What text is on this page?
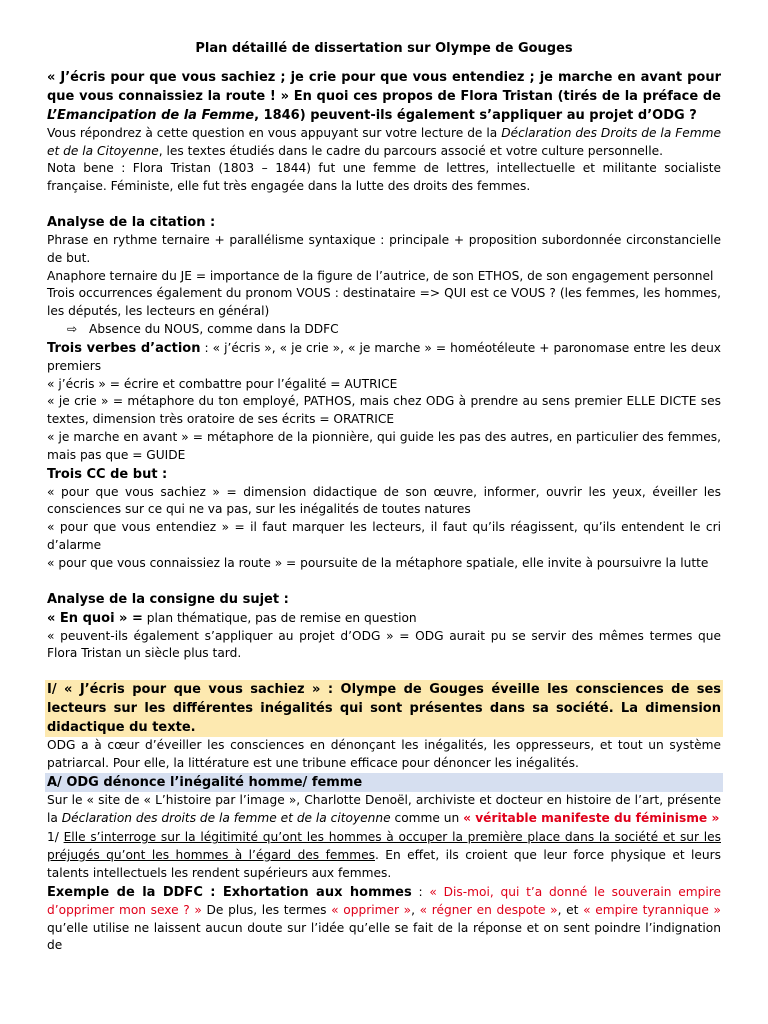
Plan détaillé de dissertation sur Olympe de Gouges

« J’écris pour que vous sachiez ; je crie pour que vous entendiez ; je marche en avant pour que vous connaissiez la route ! » En quoi ces propos de Flora Tristan (tirés de la préface de L’Emancipation de la Femme, 1846) peuvent-ils également s’appliquer au projet d’ODG ?

Vous répondrez à cette question en vous appuyant sur votre lecture de la Déclaration des Droits de la Femme et de la Citoyenne, les textes étudiés dans le cadre du parcours associé et votre culture personnelle.

Nota bene : Flora Tristan (1803 – 1844) fut une femme de lettres, intellectuelle et militante socialiste française. Féministe, elle fut très engagée dans la lutte des droits des femmes.

Analyse de la citation :

Phrase en rythme ternaire + parallélisme syntaxique : principale + proposition subordonnée circonstancielle de but.

Anaphore ternaire du JE = importance de la figure de l’autrice, de son ETHOS, de son engagement personnel

Trois occurrences également du pronom VOUS : destinataire => QUI est ce VOUS ? (les femmes, les hommes, les députés, les lecteurs en général)

⇨ Absence du NOUS, comme dans la DDFC

Trois verbes d’action : « j’écris », « je crie », « je marche » = homéotéleute + paronomase entre les deux premiers

« j’écris » = écrire et combattre pour l’égalité = AUTRICE

« je crie » = métaphore du ton employé, PATHOS, mais chez ODG à prendre au sens premier ELLE DICTE ses textes, dimension très oratoire de ses écrits = ORATRICE

« je marche en avant » = métaphore de la pionnière, qui guide les pas des autres, en particulier des femmes, mais pas que = GUIDE

Trois CC de but :

« pour que vous sachiez » = dimension didactique de son œuvre, informer, ouvrir les yeux, éveiller les consciences sur ce qui ne va pas, sur les inégalités de toutes natures

« pour que vous entendiez » = il faut marquer les lecteurs, il faut qu’ils réagissent, qu’ils entendent le cri d’alarme

« pour que vous connaissiez la route » = poursuite de la métaphore spatiale, elle invite à poursuivre la lutte

Analyse de la consigne du sujet :

« En quoi » = plan thématique, pas de remise en question

« peuvent-ils également s’appliquer au projet d’ODG » = ODG aurait pu se servir des mêmes termes que Flora Tristan un siècle plus tard.

I/ « J’écris pour que vous sachiez » : Olympe de Gouges éveille les consciences de ses lecteurs sur les différentes inégalités qui sont présentes dans sa société. La dimension didactique du texte.

ODG a à cœur d’éveiller les consciences en dénonçant les inégalités, les oppresseurs, et tout un système patriarcal. Pour elle, la littérature est une tribune efficace pour dénoncer les inégalités.

A/ ODG dénonce l’inégalité homme/ femme

Sur le « site de « L’histoire par l’image », Charlotte Denoël, archiviste et docteur en histoire de l’art, présente la Déclaration des droits de la femme et de la citoyenne comme un « véritable manifeste du féminisme »

1/ Elle s’interroge sur la légitimité qu’ont les hommes à occuper la première place dans la société et sur les préjugés qu’ont les hommes à l’égard des femmes. En effet, ils croient que leur force physique et leurs talents intellectuels les rendent supérieurs aux femmes.

Exemple de la DDFC : Exhortation aux hommes : « Dis-moi, qui t’a donné le souverain empire d’opprimer mon sexe ? » De plus, les termes « opprimer », « régner en despote », et « empire tyrannique » qu’elle utilise ne laissent aucun doute sur l’idée qu’elle se fait de la réponse et on sent poindre l’indignation de
